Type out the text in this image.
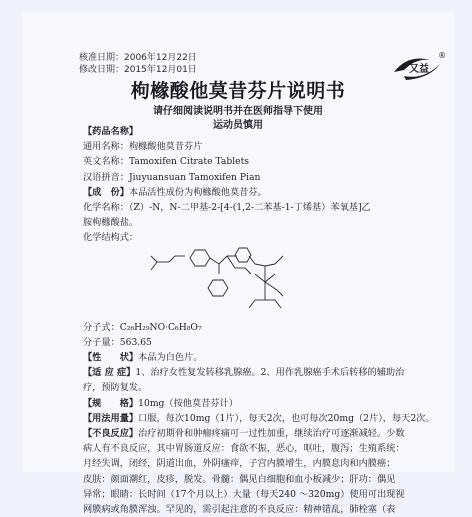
核准日期：2006年12月22日
修改日期：2015年12月01日	又益
®
枸橼酸他莫昔芬片说明书
请仔细阅读说明书并在医师指导下使用
运动员慎用
【药品名称】
通用名称：枸橼酸他莫昔芬片
英文名称：Tamoxifen Citrate Tablets
汉语拼音：Jiuyuansuan Tamoxifen Pian
【成　份】本品活性成份为枸橼酸他莫昔芬。
化学名称：（Z）-N，N-二甲基-2-[4-(1,2-二苯基-1-丁烯基）苯氧基]乙
胺枸橼酸盐。
化学结构式：
分子式：C₂₆H₂₉NO·C₆H₈O₇
分子量：563.65
【性　　状】本品为白色片。
【适 应 症】1、治疗女性复发转移乳腺癌。2、用作乳腺癌手术后转移的辅助治
疗，预防复发。
【规　　格】10mg（按他莫昔芬计）
【用法用量】口服，每次10mg（1片），每天2次，也可每次20mg（2片），每天2次。
【不良反应】治疗初期骨和肿瘤疼痛可一过性加重，继续治疗可逐渐减轻。少数
病人有不良反应，其中胃肠道反应：食欲不振，恶心，呕吐，腹泻；生殖系统：
月经失调，闭经，阴道出血，外阴瘙痒，子宫内膜增生，内膜息肉和内膜癌；
皮肤：颜面潮红，皮疹，脱发。骨髓：偶见白细胞和血小板减少；肝功：偶见
异常；眼睛：长时间（17个月以上）大量（每天240 ～320mg）使用可出现视
网膜病或角膜浑浊。罕见的，需引起注意的不良反应：精神错乱，肺栓塞（表
